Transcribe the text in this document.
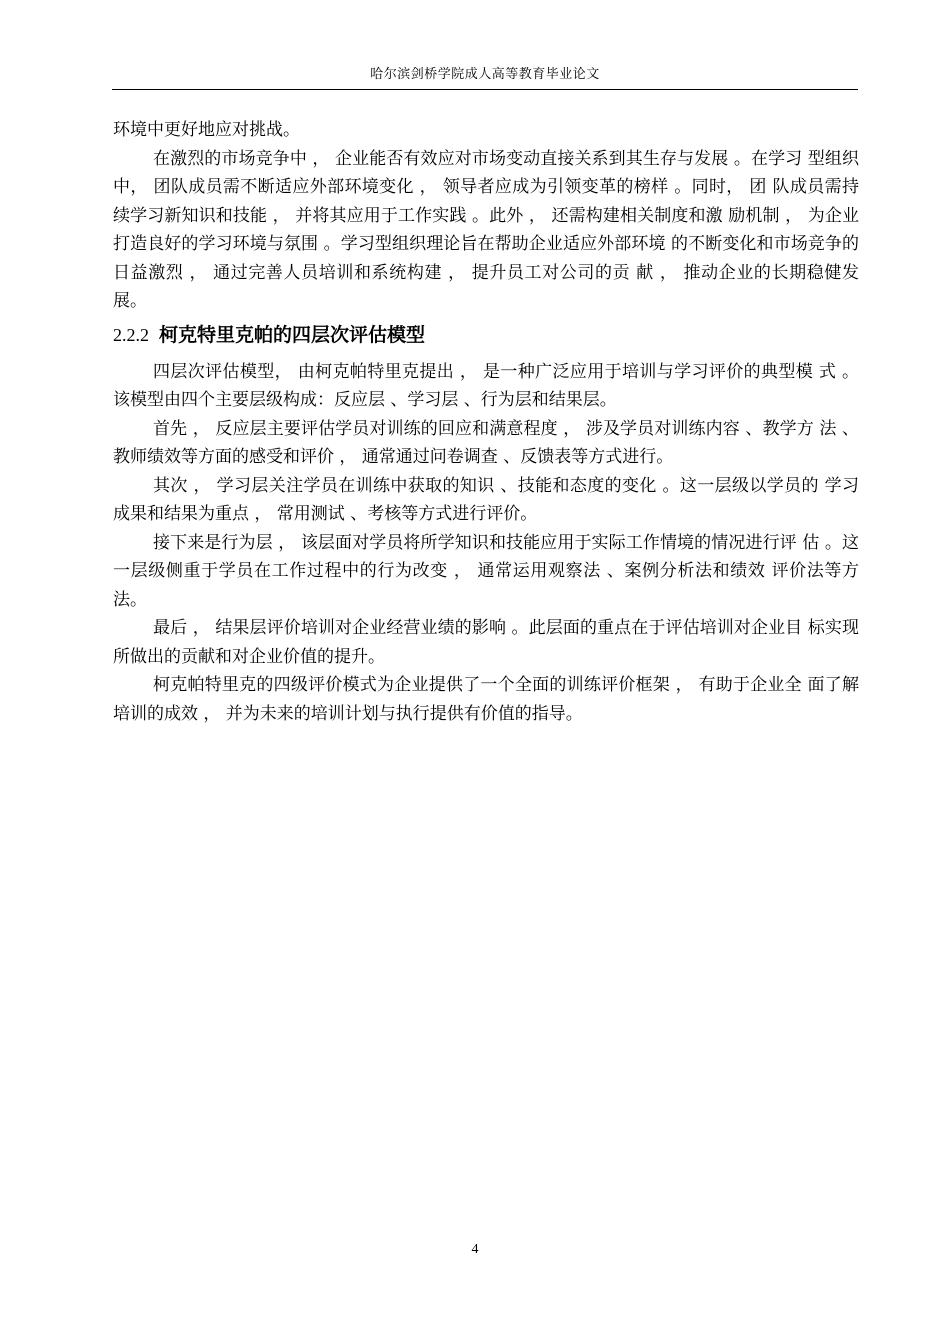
哈尔滨剑桥学院成人高等教育毕业论文

环境中更好地应对挑战。

在激烈的市场竞争中 ， 企业能否有效应对市场变动直接关系到其生存与发展 。在学习 型组织中， 团队成员需不断适应外部环境变化 ， 领导者应成为引领变革的榜样 。同时， 团 队成员需持续学习新知识和技能 ， 并将其应用于工作实践 。此外 ， 还需构建相关制度和激 励机制 ， 为企业打造良好的学习环境与氛围 。学习型组织理论旨在帮助企业适应外部环境 的不断变化和市场竞争的日益激烈 ， 通过完善人员培训和系统构建 ， 提升员工对公司的贡 献 ， 推动企业的长期稳健发展。

2.2.2 柯克特里克帕的四层次评估模型

四层次评估模型， 由柯克帕特里克提出 ， 是一种广泛应用于培训与学习评价的典型模 式 。该模型由四个主要层级构成：反应层 、学习层 、行为层和结果层。

首先 ， 反应层主要评估学员对训练的回应和满意程度 ， 涉及学员对训练内容 、教学方 法 、教师绩效等方面的感受和评价 ， 通常通过问卷调查 、反馈表等方式进行。

其次 ， 学习层关注学员在训练中获取的知识 、技能和态度的变化 。这一层级以学员的 学习成果和结果为重点 ， 常用测试 、考核等方式进行评价。

接下来是行为层 ， 该层面对学员将所学知识和技能应用于实际工作情境的情况进行评 估 。这一层级侧重于学员在工作过程中的行为改变 ， 通常运用观察法 、案例分析法和绩效 评价法等方法。

最后 ， 结果层评价培训对企业经营业绩的影响 。此层面的重点在于评估培训对企业目 标实现所做出的贡献和对企业价值的提升。

柯克帕特里克的四级评价模式为企业提供了一个全面的训练评价框架 ， 有助于企业全 面了解培训的成效 ， 并为未来的培训计划与执行提供有价值的指导。

4
